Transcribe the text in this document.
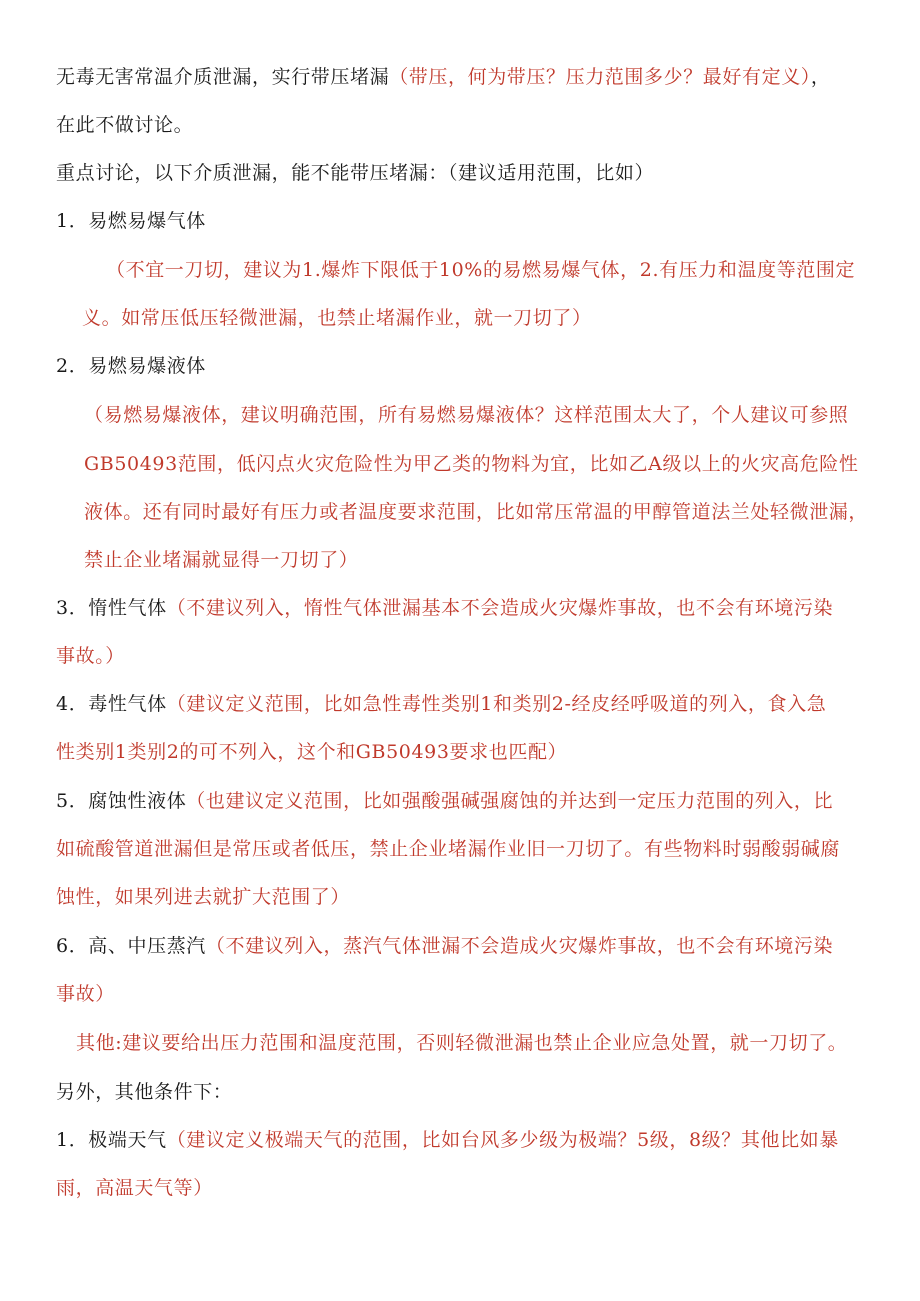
无毒无害常温介质泄漏，实行带压堵漏（带压，何为带压？压力范围多少？最好有定义），
在此不做讨论。
重点讨论，以下介质泄漏，能不能带压堵漏：（建议适用范围，比如）
1．易燃易爆气体
（不宜一刀切，建议为1.爆炸下限低于10%的易燃易爆气体，2.有压力和温度等范围定
义。如常压低压轻微泄漏，也禁止堵漏作业，就一刀切了）
2．易燃易爆液体
（易燃易爆液体，建议明确范围，所有易燃易爆液体？这样范围太大了，个人建议可参照
GB50493范围，低闪点火灾危险性为甲乙类的物料为宜，比如乙A级以上的火灾高危险性
液体。还有同时最好有压力或者温度要求范围，比如常压常温的甲醇管道法兰处轻微泄漏，
禁止企业堵漏就显得一刀切了）
3．惰性气体（不建议列入，惰性气体泄漏基本不会造成火灾爆炸事故，也不会有环境污染
事故。）
4．毒性气体（建议定义范围，比如急性毒性类别1和类别2-经皮经呼吸道的列入，食入急
性类别1类别2的可不列入，这个和GB50493要求也匹配）
5．腐蚀性液体（也建议定义范围，比如强酸强碱强腐蚀的并达到一定压力范围的列入，比
如硫酸管道泄漏但是常压或者低压，禁止企业堵漏作业旧一刀切了。有些物料时弱酸弱碱腐
蚀性，如果列进去就扩大范围了）
6．高、中压蒸汽（不建议列入，蒸汽气体泄漏不会造成火灾爆炸事故，也不会有环境污染
事故）
其他:建议要给出压力范围和温度范围，否则轻微泄漏也禁止企业应急处置，就一刀切了。
另外，其他条件下：
1．极端天气（建议定义极端天气的范围，比如台风多少级为极端？5级，8级？其他比如暴
雨，高温天气等）
